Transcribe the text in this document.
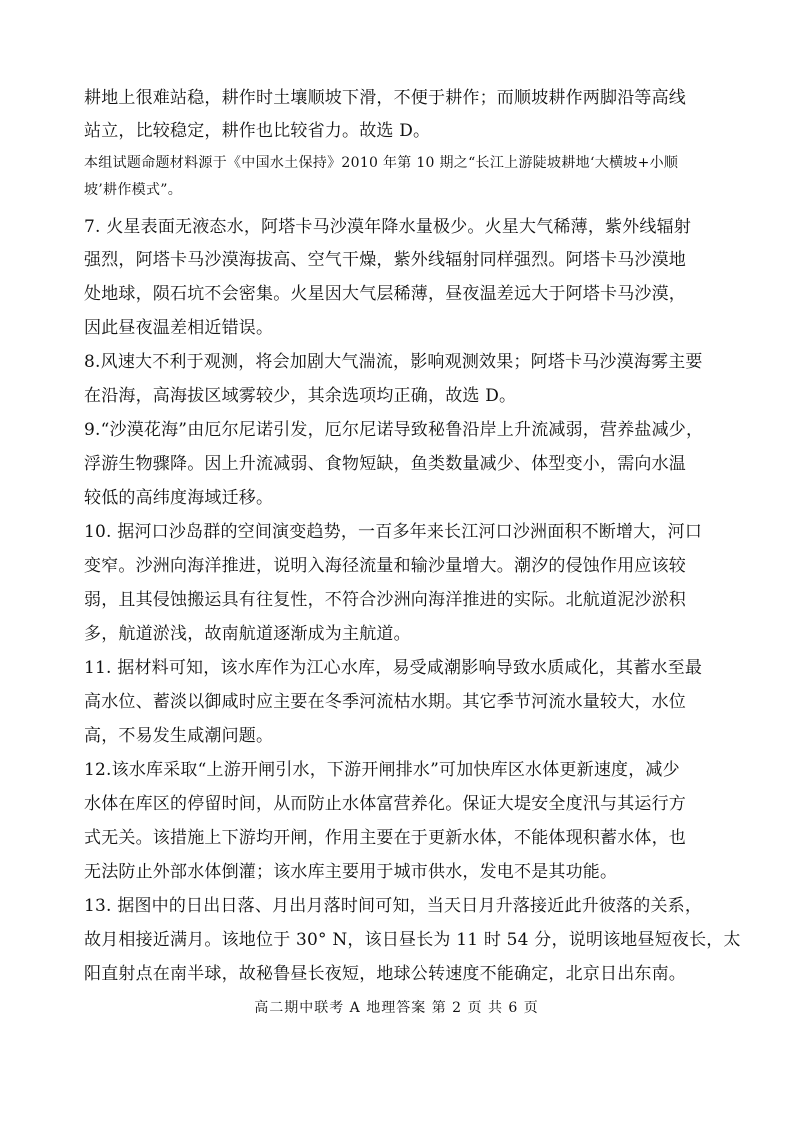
耕地上很难站稳，耕作时土壤顺坡下滑，不便于耕作；而顺坡耕作两脚沿等高线
站立，比较稳定，耕作也比较省力。故选 D。
本组试题命题材料源于《中国水土保持》2010 年第 10 期之“长江上游陡坡耕地‘大横坡+小顺
坡’耕作模式”。
7. 火星表面无液态水，阿塔卡马沙漠年降水量极少。火星大气稀薄，紫外线辐射
强烈，阿塔卡马沙漠海拔高、空气干燥，紫外线辐射同样强烈。阿塔卡马沙漠地
处地球，陨石坑不会密集。火星因大气层稀薄，昼夜温差远大于阿塔卡马沙漠，
因此昼夜温差相近错误。
8.风速大不利于观测，将会加剧大气湍流，影响观测效果；阿塔卡马沙漠海雾主要
在沿海，高海拔区域雾较少，其余选项均正确，故选 D。
9.“沙漠花海”由厄尔尼诺引发，厄尔尼诺导致秘鲁沿岸上升流减弱，营养盐减少，
浮游生物骤降。因上升流减弱、食物短缺，鱼类数量减少、体型变小，需向水温
较低的高纬度海域迁移。
10. 据河口沙岛群的空间演变趋势，一百多年来长江河口沙洲面积不断增大，河口
变窄。沙洲向海洋推进，说明入海径流量和输沙量增大。潮汐的侵蚀作用应该较
弱，且其侵蚀搬运具有往复性，不符合沙洲向海洋推进的实际。北航道泥沙淤积
多，航道淤浅，故南航道逐渐成为主航道。
11. 据材料可知，该水库作为江心水库，易受咸潮影响导致水质咸化，其蓄水至最
高水位、蓄淡以御咸时应主要在冬季河流枯水期。其它季节河流水量较大，水位
高，不易发生咸潮问题。
12.该水库采取“上游开闸引水，下游开闸排水”可加快库区水体更新速度，减少
水体在库区的停留时间，从而防止水体富营养化。保证大堤安全度汛与其运行方
式无关。该措施上下游均开闸，作用主要在于更新水体，不能体现积蓄水体，也
无法防止外部水体倒灌；该水库主要用于城市供水，发电不是其功能。
13. 据图中的日出日落、月出月落时间可知，当天日月升落接近此升彼落的关系，
故月相接近满月。该地位于 30° N，该日昼长为 11 时 54 分，说明该地昼短夜长，太
阳直射点在南半球，故秘鲁昼长夜短，地球公转速度不能确定，北京日出东南。
高二期中联考 A 地理答案 第 2 页 共 6 页
